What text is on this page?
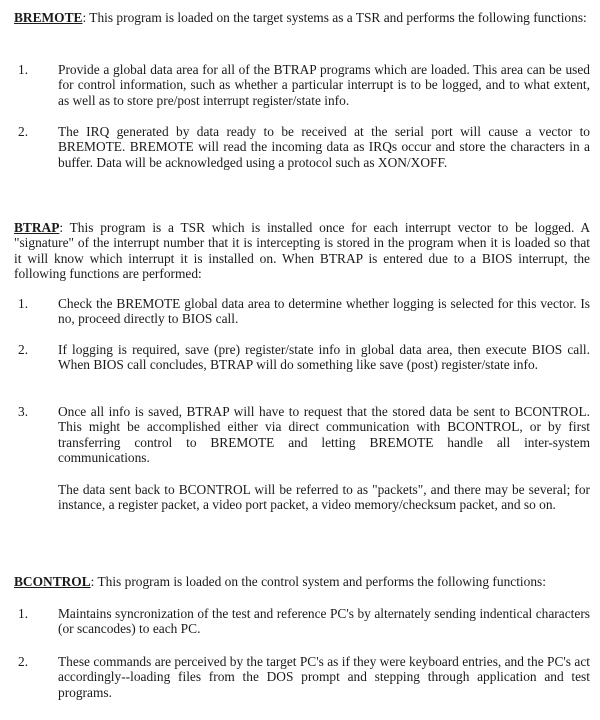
BREMOTE: This program is loaded on the target systems as a TSR and performs the following functions:
1. Provide a global data area for all of the BTRAP programs which are loaded. This area can be used for control information, such as whether a particular interrupt is to be logged, and to what extent, as well as to store pre/post interrupt register/state info.
2. The IRQ generated by data ready to be received at the serial port will cause a vector to BREMOTE. BREMOTE will read the incoming data as IRQs occur and store the characters in a buffer. Data will be acknowledged using a protocol such as XON/XOFF.
BTRAP: This program is a TSR which is installed once for each interrupt vector to be logged. A "signature" of the interrupt number that it is intercepting is stored in the program when it is loaded so that it will know which interrupt it is installed on. When BTRAP is entered due to a BIOS interrupt, the following functions are performed:
1. Check the BREMOTE global data area to determine whether logging is selected for this vector. Is no, proceed directly to BIOS call.
2. If logging is required, save (pre) register/state info in global data area, then execute BIOS call. When BIOS call concludes, BTRAP will do something like save (post) register/state info.
3. Once all info is saved, BTRAP will have to request that the stored data be sent to BCONTROL. This might be accomplished either via direct communication with BCONTROL, or by first transferring control to BREMOTE and letting BREMOTE handle all inter-system communications.
The data sent back to BCONTROL will be referred to as "packets", and there may be several; for instance, a register packet, a video port packet, a video memory/checksum packet, and so on.
BCONTROL: This program is loaded on the control system and performs the following functions:
1. Maintains syncronization of the test and reference PC's by alternately sending indentical characters (or scancodes) to each PC.
2. These commands are perceived by the target PC's as if they were keyboard entries, and the PC's act accordingly--loading files from the DOS prompt and stepping through application and test programs.
